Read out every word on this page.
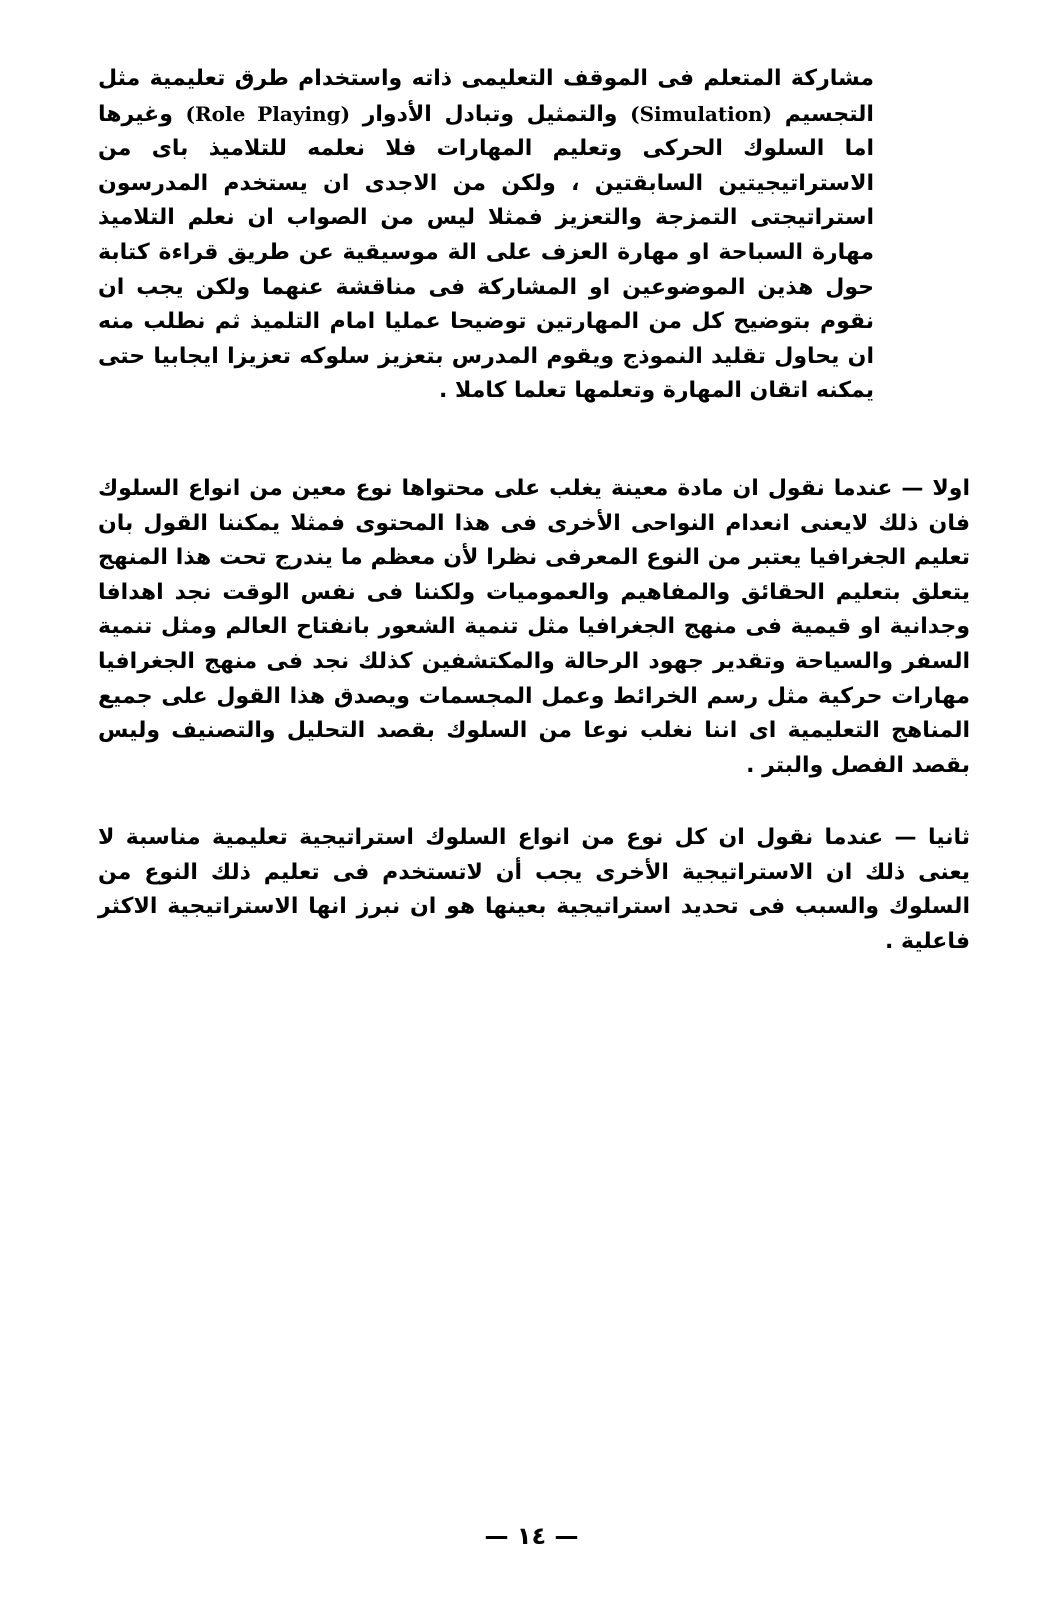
مشاركة المتعلم فى الموقف التعليمى ذاته واستخدام طرق تعليمية مثل التجسيم (Simulation) والتمثيل وتبادل الأدوار (Role Playing) وغيرها اما السلوك الحركى وتعليم المهارات فلا نعلمه للتلاميذ باى من الاستراتيجيتين السابقتين ، ولكن من الاجدى ان يستخدم المدرسون استراتيجتى التمزجة والتعزيز فمثلا ليس من الصواب ان نعلم التلاميذ مهارة السباحة او مهارة العزف على الة موسيقية عن طريق قراءة كتابة حول هذين الموضوعين او المشاركة فى مناقشة عنهما ولكن يجب ان نقوم بتوضيح كل من المهارتين توضيحا عمليا امام التلميذ ثم نطلب منه ان يحاول تقليد النموذج ويقوم المدرس بتعزيز سلوكه تعزيزا ايجابيا حتى يمكنه اتقان المهارة وتعلمها تعلما كاملا .

اولا — عندما نقول ان مادة معينة يغلب على محتواها نوع معين من انواع السلوك فان ذلك لايعنى انعدام النواحى الأخرى فى هذا المحتوى فمثلا يمكننا القول بان تعليم الجغرافيا يعتبر من النوع المعرفى نظرا لأن معظم ما يندرج تحت هذا المنهج يتعلق بتعليم الحقائق والمفاهيم والعموميات ولكننا فى نفس الوقت نجد اهدافا وجدانية او قيمية فى منهج الجغرافيا مثل تنمية الشعور بانفتاح العالم ومثل تنمية السفر والسياحة وتقدير جهود الرحالة والمكتشفين كذلك نجد فى منهج الجغرافيا مهارات حركية مثل رسم الخرائط وعمل المجسمات ويصدق هذا القول على جميع المناهج التعليمية اى اننا نغلب نوعا من السلوك بقصد التحليل والتصنيف وليس بقصد الفصل والبتر .

ثانيا — عندما نقول ان كل نوع من انواع السلوك استراتيجية تعليمية مناسبة لا يعنى ذلك ان الاستراتيجية الأخرى يجب أن لاتستخدم فى تعليم ذلك النوع من السلوك والسبب فى تحديد استراتيجية بعينها هو ان نبرز انها الاستراتيجية الاكثر فاعلية .

— ١٤ —
